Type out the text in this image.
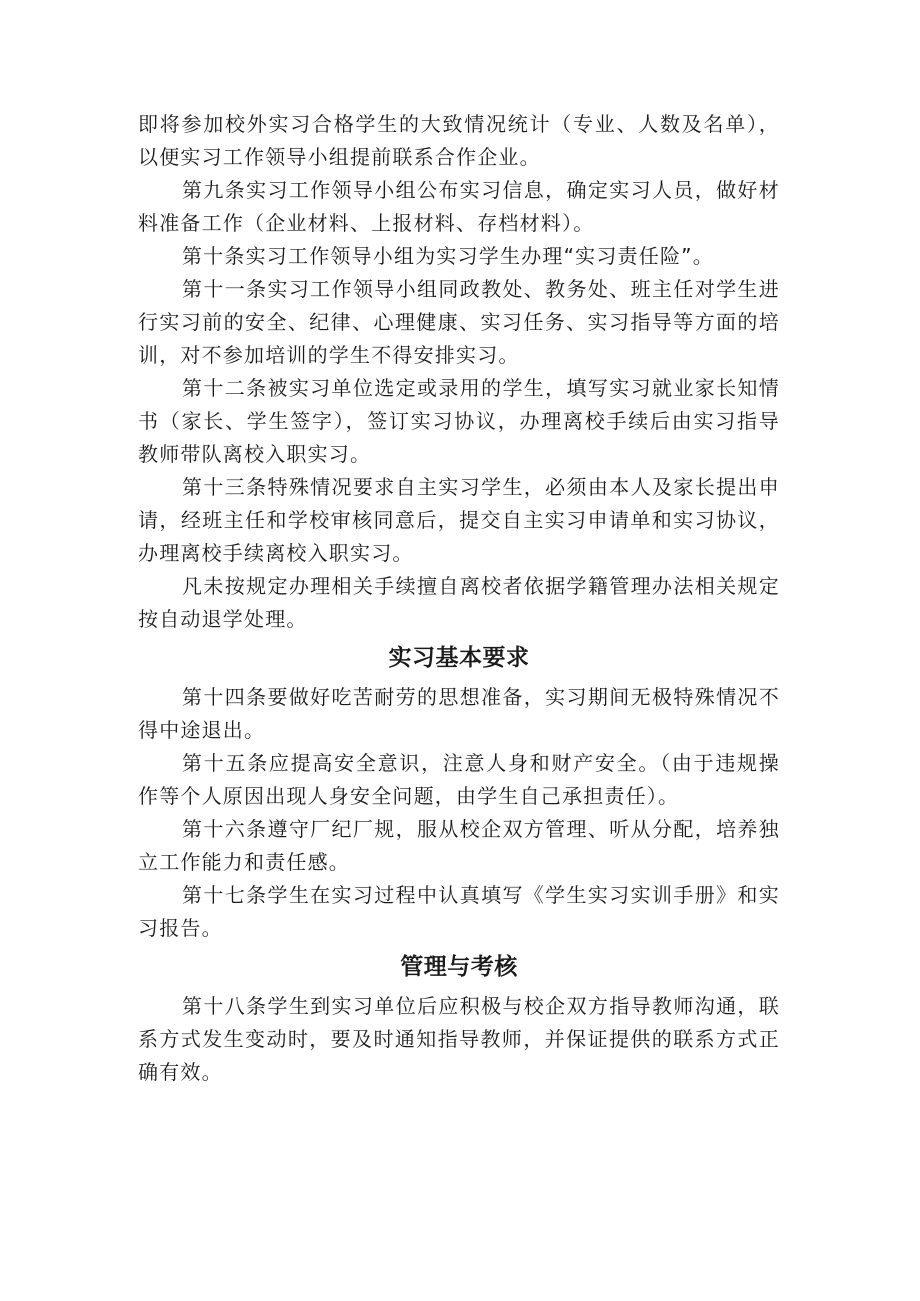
即将参加校外实习合格学生的大致情况统计（专业、人数及名单），以便实习工作领导小组提前联系合作企业。

第九条实习工作领导小组公布实习信息，确定实习人员，做好材料准备工作（企业材料、上报材料、存档材料）。

第十条实习工作领导小组为实习学生办理“实习责任险”。

第十一条实习工作领导小组同政教处、教务处、班主任对学生进行实习前的安全、纪律、心理健康、实习任务、实习指导等方面的培训，对不参加培训的学生不得安排实习。

第十二条被实习单位选定或录用的学生，填写实习就业家长知情书（家长、学生签字），签订实习协议，办理离校手续后由实习指导教师带队离校入职实习。

第十三条特殊情况要求自主实习学生，必须由本人及家长提出申请，经班主任和学校审核同意后，提交自主实习申请单和实习协议，办理离校手续离校入职实习。

凡未按规定办理相关手续擅自离校者依据学籍管理办法相关规定按自动退学处理。

实习基本要求

第十四条要做好吃苦耐劳的思想准备，实习期间无极特殊情况不得中途退出。

第十五条应提高安全意识，注意人身和财产安全。（由于违规操作等个人原因出现人身安全问题，由学生自己承担责任）。

第十六条遵守厂纪厂规，服从校企双方管理、听从分配，培养独立工作能力和责任感。

第十七条学生在实习过程中认真填写《学生实习实训手册》和实习报告。

管理与考核

第十八条学生到实习单位后应积极与校企双方指导教师沟通，联系方式发生变动时，要及时通知指导教师，并保证提供的联系方式正确有效。
